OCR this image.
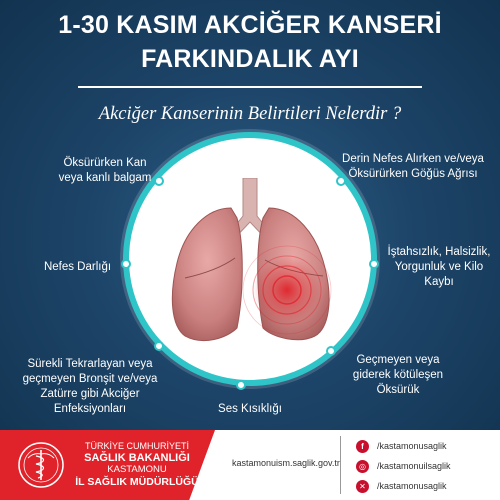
1-30 KASIM AKCİĞER KANSERİ
FARKINDALIK AYI
Akciğer Kanserinin Belirtileri Nelerdir ?
Öksürürken Kan veya kanlı balgam
Nefes Darlığı
Sürekli Tekrarlayan veya geçmeyen Bronşit ve/veya Zatürre gibi Akciğer Enfeksiyonları	Ses Kısıklığı
Derin Nefes Alırken ve/veya Öksürürken Göğüs Ağrısı
İştahsızlık, Halsizlik, Yorgunluk ve Kilo Kaybı
Geçmeyen veya giderek kötüleşen Öksürük
TÜRKİYE CUMHURİYETİ
SAĞLIK BAKANLIĞI
KASTAMONU
İL SAĞLIK MÜDÜRLÜĞÜ
kastamonuism.saglik.gov.tr
f	/kastamonusaglik
◎	/kastamonuilsaglik
✕	/kastamonusaglik
